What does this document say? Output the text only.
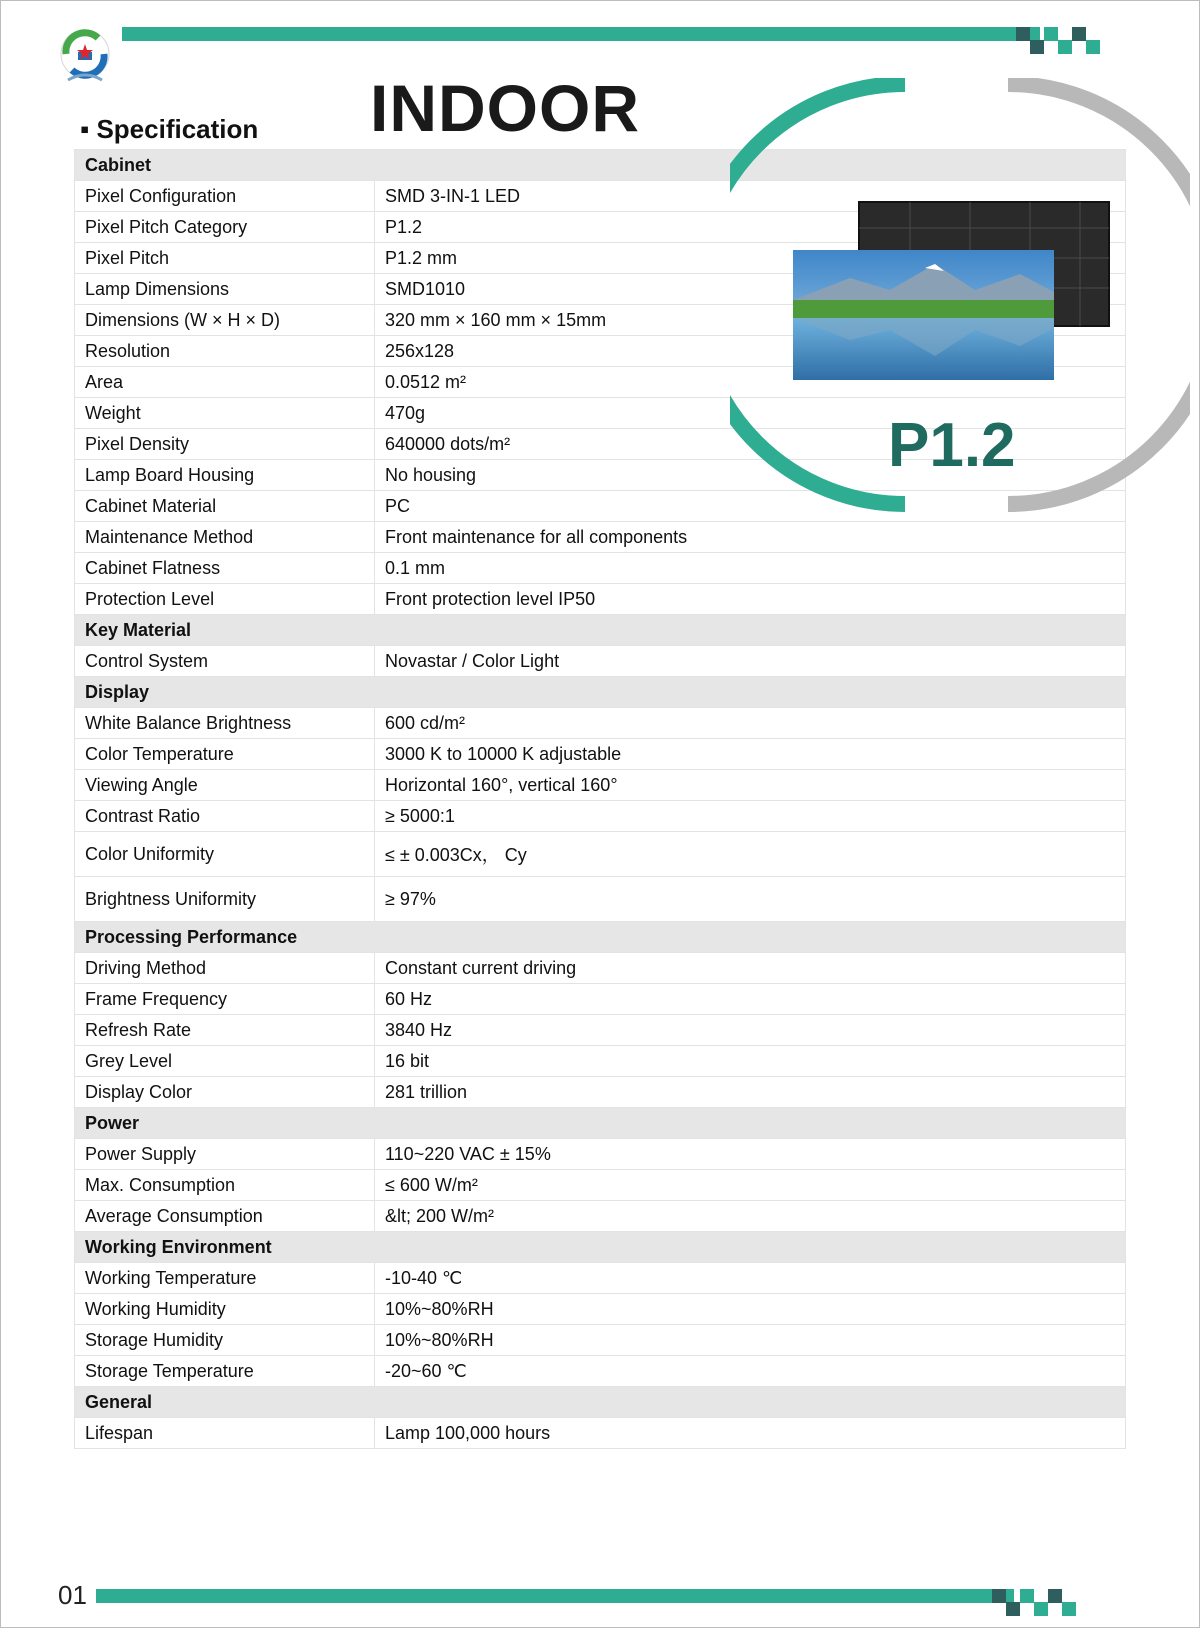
▪ Specification INDOOR
Cabinet	
Pixel Configuration	SMD 3-IN-1 LED
Pixel Pitch Category	P1.2
Pixel Pitch	P1.2 mm
Lamp Dimensions	SMD1010
Dimensions (W × H × D)	320 mm × 160 mm × 15mm
Resolution	256x128
Area	0.0512 m²
Weight	470g
Pixel Density	640000 dots/m²
Lamp Board Housing	No housing
Cabinet Material	PC
Maintenance Method	Front maintenance for all components
Cabinet Flatness	0.1 mm
Protection Level	Front protection level IP50
Key Material	
Control System	Novastar / Color Light
Display	
White Balance Brightness	600 cd/m²
Color Temperature	3000 K to 10000 K adjustable
Viewing Angle	Horizontal 160°, vertical 160°
Contrast Ratio	≥ 5000:1
Color Uniformity	≤ ± 0.003Cx， Cy
Brightness Uniformity	≥ 97%
Processing Performance	
Driving Method	Constant current driving
Frame Frequency	60 Hz
Refresh Rate	3840 Hz
Grey Level	16 bit
Display Color	281 trillion
Power	
Power Supply	110~220 VAC ± 15%
Max. Consumption	≤ 600 W/m²
Average Consumption	&lt; 200 W/m²
Working Environment	
Working Temperature	-10-40 ℃
Working Humidity	10%~80%RH
Storage Humidity	10%~80%RH
Storage Temperature	-20~60 ℃
General	
Lifespan	Lamp 100,000 hours
P1.2
01
